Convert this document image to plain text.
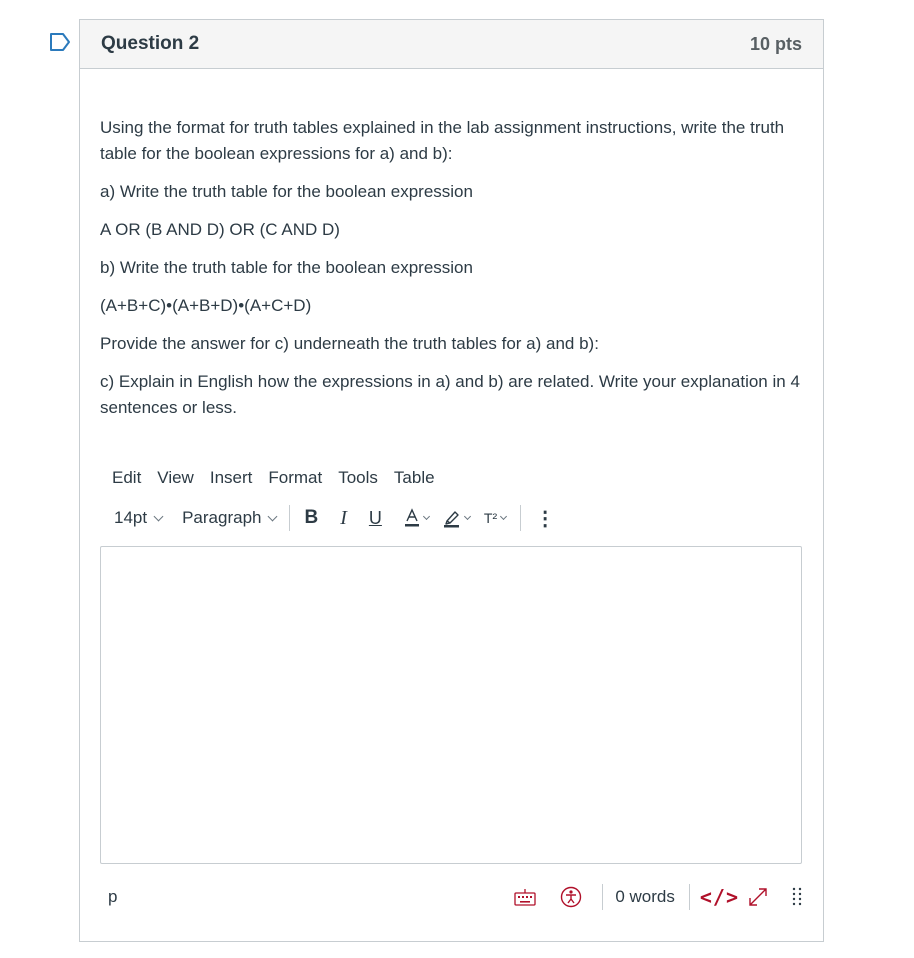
Question 2	10 pts

Using the format for truth tables explained in the lab assignment instructions, write the truth table for the boolean expressions for a) and b):

a) Write the truth table for the boolean expression

A OR (B AND D) OR (C AND D)

b) Write the truth table for the boolean expression

(A+B+C)•(A+B+D)•(A+C+D)

Provide the answer for c) underneath the truth tables for a) and b):

c) Explain in English how the expressions in a) and b) are related. Write your explanation in 4 sentences or less.

Edit View Insert Format Tools Table
14pt Paragraph B I U	T² ⋮
p	0 words </>
